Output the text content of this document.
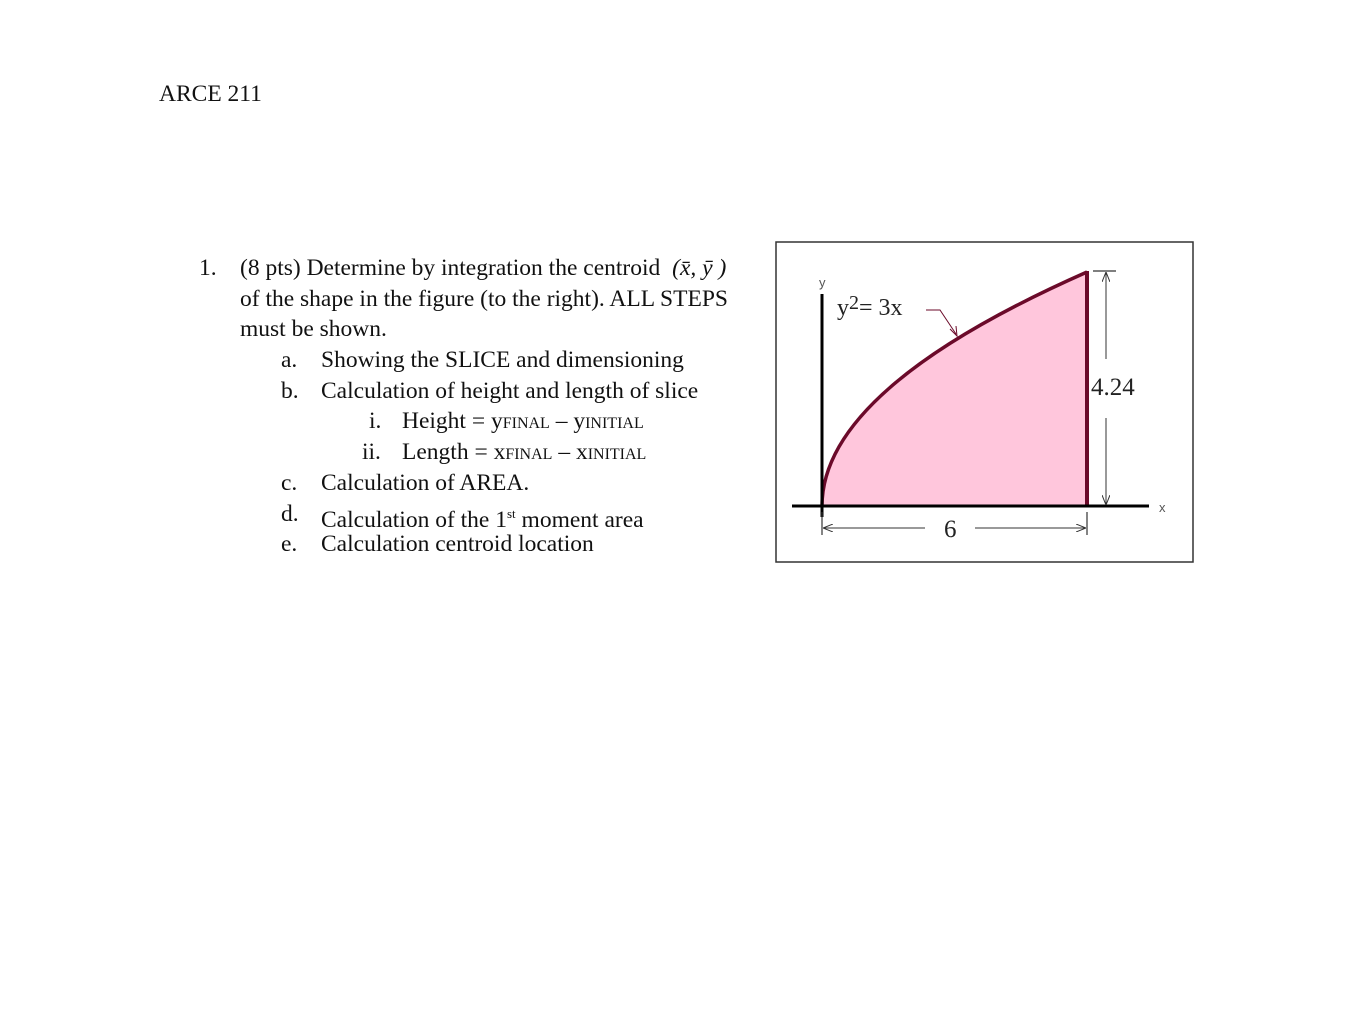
ARCE 211
1. (8 pts) Determine by integration the centroid (x̄, ȳ )
of the shape in the figure (to the right). ALL STEPS
must be shown.
a. Showing the SLICE and dimensioning
b. Calculation of height and length of slice
i. Height = yFINAL – yINITIAL
ii. Length = xFINAL – xINITIAL
c. Calculation of AREA.
d. Calculation of the 1st moment area
e. Calculation centroid location
y
x
$y^2= 3x$
4.24
6
